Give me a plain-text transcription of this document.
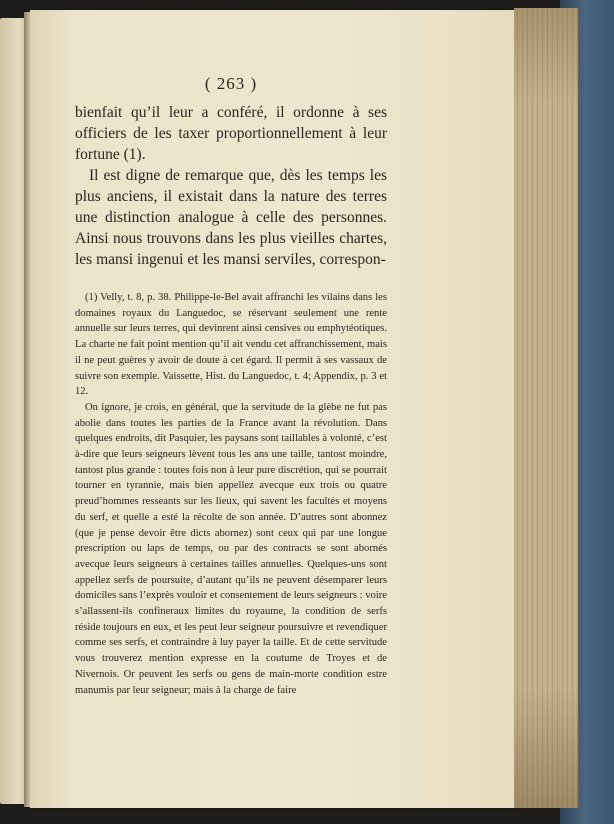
( 263 )

bienfait qu’il leur a conféré, il ordonne à ses officiers de les taxer proportionnellement à leur fortune (1).

Il est digne de remarque que, dès les temps les plus anciens, il existait dans la nature des terres une distinction analogue à celle des personnes. Ainsi nous trouvons dans les plus vieilles chartes, les mansi ingenui et les mansi serviles, correspon-

(1) Velly, t. 8, p. 38. Philippe-le-Bel avait affranchi les vilains dans les domaines royaux du Languedoc, se réservant seulement une rente annuelle sur leurs terres, qui devinrent ainsi censives ou emphytéotiques. La charte ne fait point mention qu’il ait vendu cet affranchissement, mais il ne peut guères y avoir de doute à cet égard. Il permit à ses vassaux de suivre son exemple. Vaissette, Hist. du Languedoc, t. 4; Appendix, p. 3 et 12.

On ignore, je crois, en général, que la servitude de la glèbe ne fut pas abolie dans toutes les parties de la France avant la révolution. Dans quelques endroits, dit Pasquier, les paysans sont taillables à volonté, c’est à-dire que leurs seigneurs lèvent tous les ans une taille, tantost moindre, tantost plus grande : toutes fois non à leur pure discrétion, qui se pourrait tourner en tyrannie, mais bien appellez avecque eux trois ou quatre preud’hommes resseants sur les lieux, qui savent les facultés et moyens du serf, et quelle a esté la récolte de son année. D’autres sont abonnez (que je pense devoir être dicts abornez) sont ceux qui par une longue prescription ou laps de temps, ou par des contracts se sont abornés avecque leurs seigneurs à certaines tailles annuelles. Quelques-uns sont appellez serfs de poursuite, d’autant qu’ils ne peuvent désemparer leurs domiciles sans l’exprès vouloir et consentement de leurs seigneurs : voire s’allassent-ils confineraux limites du royaume, la condition de serfs réside toujours en eux, et les peut leur seigneur poursuivre et revendiquer comme ses serfs, et contraindre à luy payer la taille. Et de cette servitude vous trouverez mention expresse en la coutume de Troyes et de Nivernois. Or peuvent les serfs ou gens de main-morte condition estre manumis par leur seigneur; mais à la charge de faire
